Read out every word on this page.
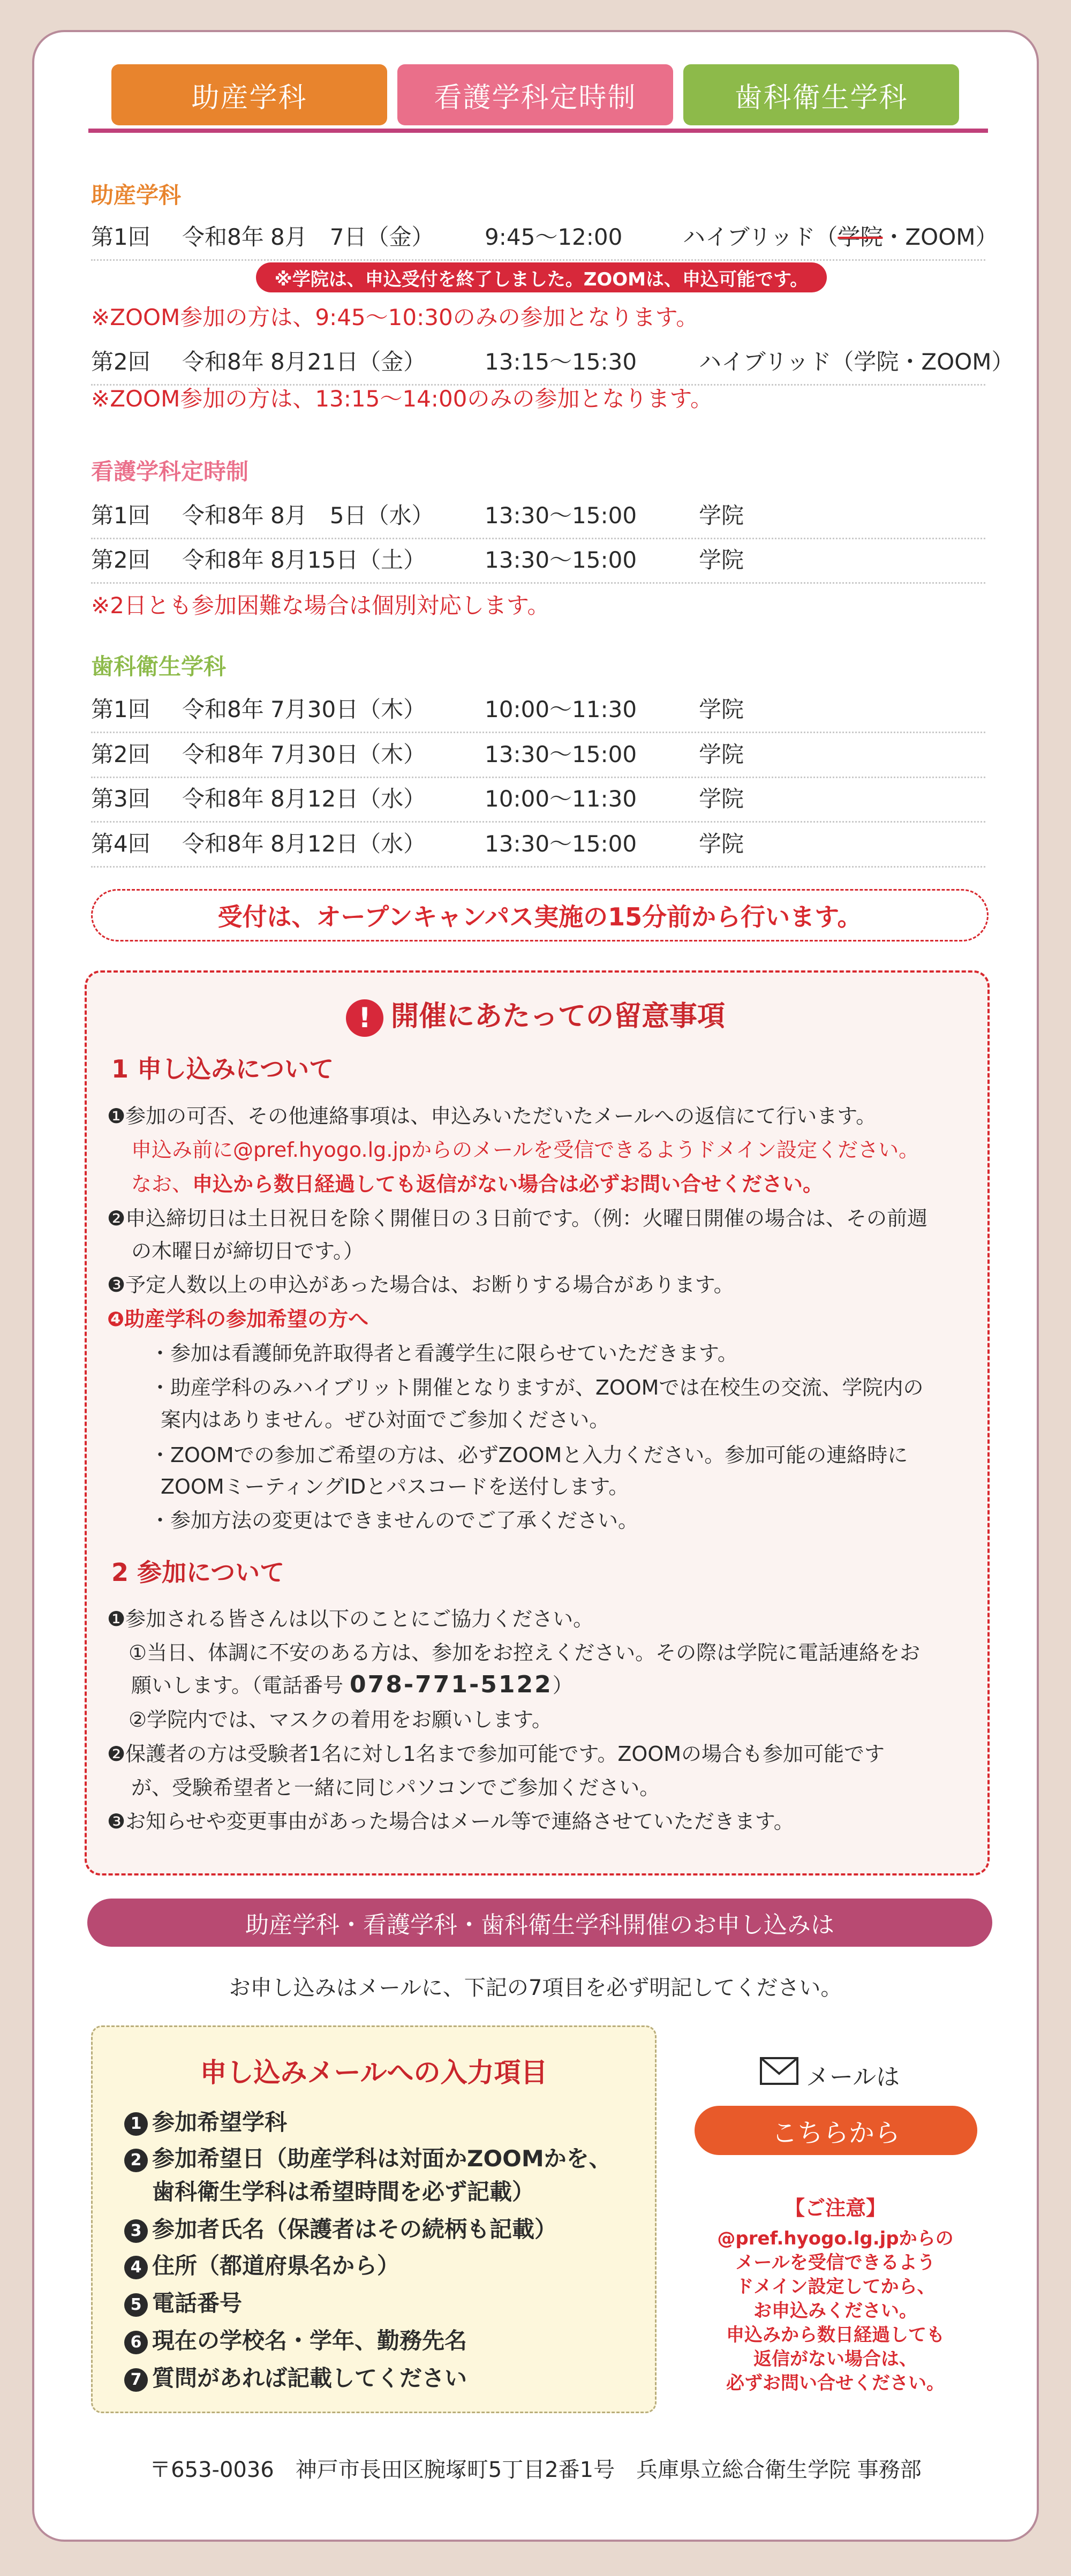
助産学科	看護学科定時制	歯科衛生学科
助産学科
第1回 令和8年 8月　7日（金） 9:45〜12:00	ハイブリッド（学院・ZOOM）
※学院は、申込受付を終了しました。ZOOMは、申込可能です。
※ZOOM参加の方は、9:45〜10:30のみの参加となります。
第2回 令和8年 8月21日（金）	13:15〜15:30	ハイブリッド（学院・ZOOM）
※ZOOM参加の方は、13:15〜14:00のみの参加となります。
看護学科定時制
第1回 令和8年 8月　5日（水） 13:30〜15:00	学院
第2回 令和8年 8月15日（土）	13:30〜15:00	学院
※2日とも参加困難な場合は個別対応します。
歯科衛生学科
第1回 令和8年 7月30日（木）	10:00〜11:30	学院
第2回 令和8年 7月30日（木）	13:30〜15:00	学院
第3回 令和8年 8月12日（水）	10:00〜11:30	学院
第4回 令和8年 8月12日（水）	13:30〜15:00	学院
受付は、オープンキャンパス実施の15分前から行います。
! 開催にあたっての留意事項
1 申し込みについて
❶参加の可否、その他連絡事項は、申込みいただいたメールへの返信にて行います。
申込み前に@pref.hyogo.lg.jpからのメールを受信できるようドメイン設定ください。
なお、申込から数日経過しても返信がない場合は必ずお問い合せください。
❷申込締切日は土日祝日を除く開催日の３日前です。（例：火曜日開催の場合は、その前週
の木曜日が締切日です。）
❸予定人数以上の申込があった場合は、お断りする場合があります。
❹助産学科の参加希望の方へ
・参加は看護師免許取得者と看護学生に限らせていただきます。
・助産学科のみハイブリット開催となりますが、ZOOMでは在校生の交流、学院内の
案内はありません。ぜひ対面でご参加ください。
・ZOOMでの参加ご希望の方は、必ずZOOMと入力ください。参加可能の連絡時に
ZOOMミーティングIDとパスコードを送付します。
・参加方法の変更はできませんのでご了承ください。
2 参加について
❶参加される皆さんは以下のことにご協力ください。
①当日、体調に不安のある方は、参加をお控えください。その際は学院に電話連絡をお
願いします。（電話番号 078-771-5122）
②学院内では、マスクの着用をお願いします。
❷保護者の方は受験者1名に対し1名まで参加可能です。ZOOMの場合も参加可能です
が、受験希望者と一緒に同じパソコンでご参加ください。
❸お知らせや変更事由があった場合はメール等で連絡させていただきます。
助産学科・看護学科・歯科衛生学科開催のお申し込みは
お申し込みはメールに、下記の7項目を必ず明記してください。
申し込みメールへの入力項目
1 参加希望学科
2 参加希望日（助産学科は対面かZOOMかを、
歯科衛生学科は希望時間を必ず記載）
3 参加者氏名（保護者はその続柄も記載）
4 住所（都道府県名から）
5 電話番号
6 現在の学校名・学年、勤務先名
7 質問があれば記載してください
メールは
こちらから
【ご注意】
@pref.hyogo.lg.jpからの
メールを受信できるよう
ドメイン設定してから、
お申込みください。
申込みから数日経過しても
返信がない場合は、
必ずお問い合せください。
〒653-0036　神戸市長田区腕塚町5丁目2番1号　兵庫県立総合衛生学院 事務部
